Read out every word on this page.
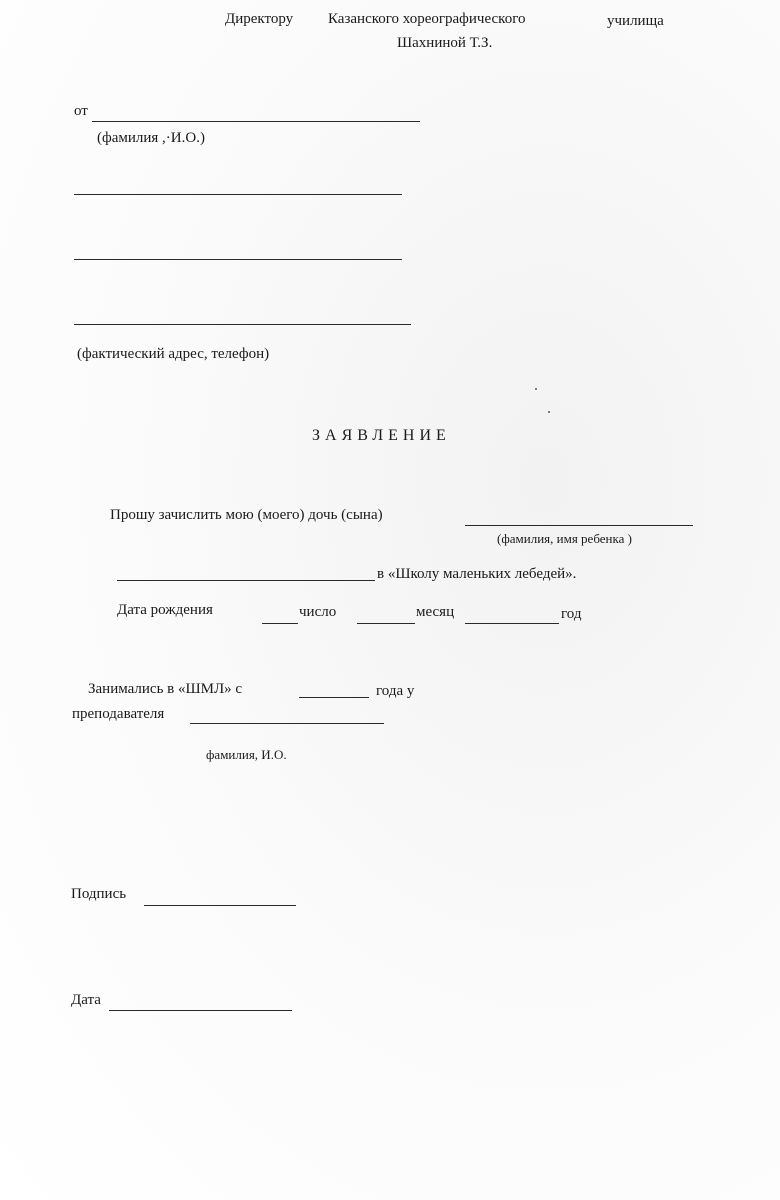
Директору Казанского хореографического	училища
Шахниной Т.З.
от
(фамилия ,·И.О.)
(фактический адрес, телефон)
ЗАЯВЛЕНИЕ
Прошу зачислить мою (моего) дочь (сына)
(фамилия, имя ребенка )
в «Школу маленьких лебедей».
Дата рождения	число	месяц	год
Занимались в «ШМЛ» с	года у
преподавателя
фамилия, И.О.
Подпись
Дата
